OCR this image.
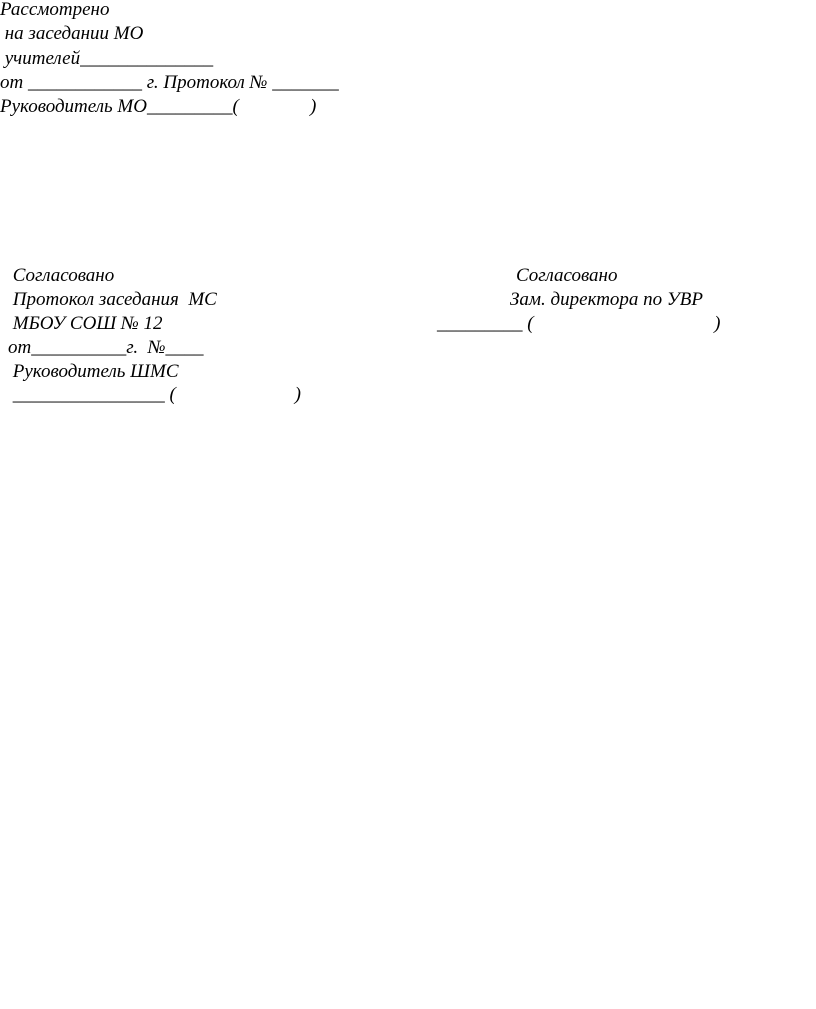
Рассмотрено
на заседании МО
учителей______________
от ____________ г. Протокол № _______
Руководитель МО_________(               )
Согласовано
Протокол заседания  МС
МБОУ СОШ № 12
от__________г.  №____
Руководитель ШМС
________________ (                         )
Согласовано
Зам. директора по УВР
_________ (                                      )
